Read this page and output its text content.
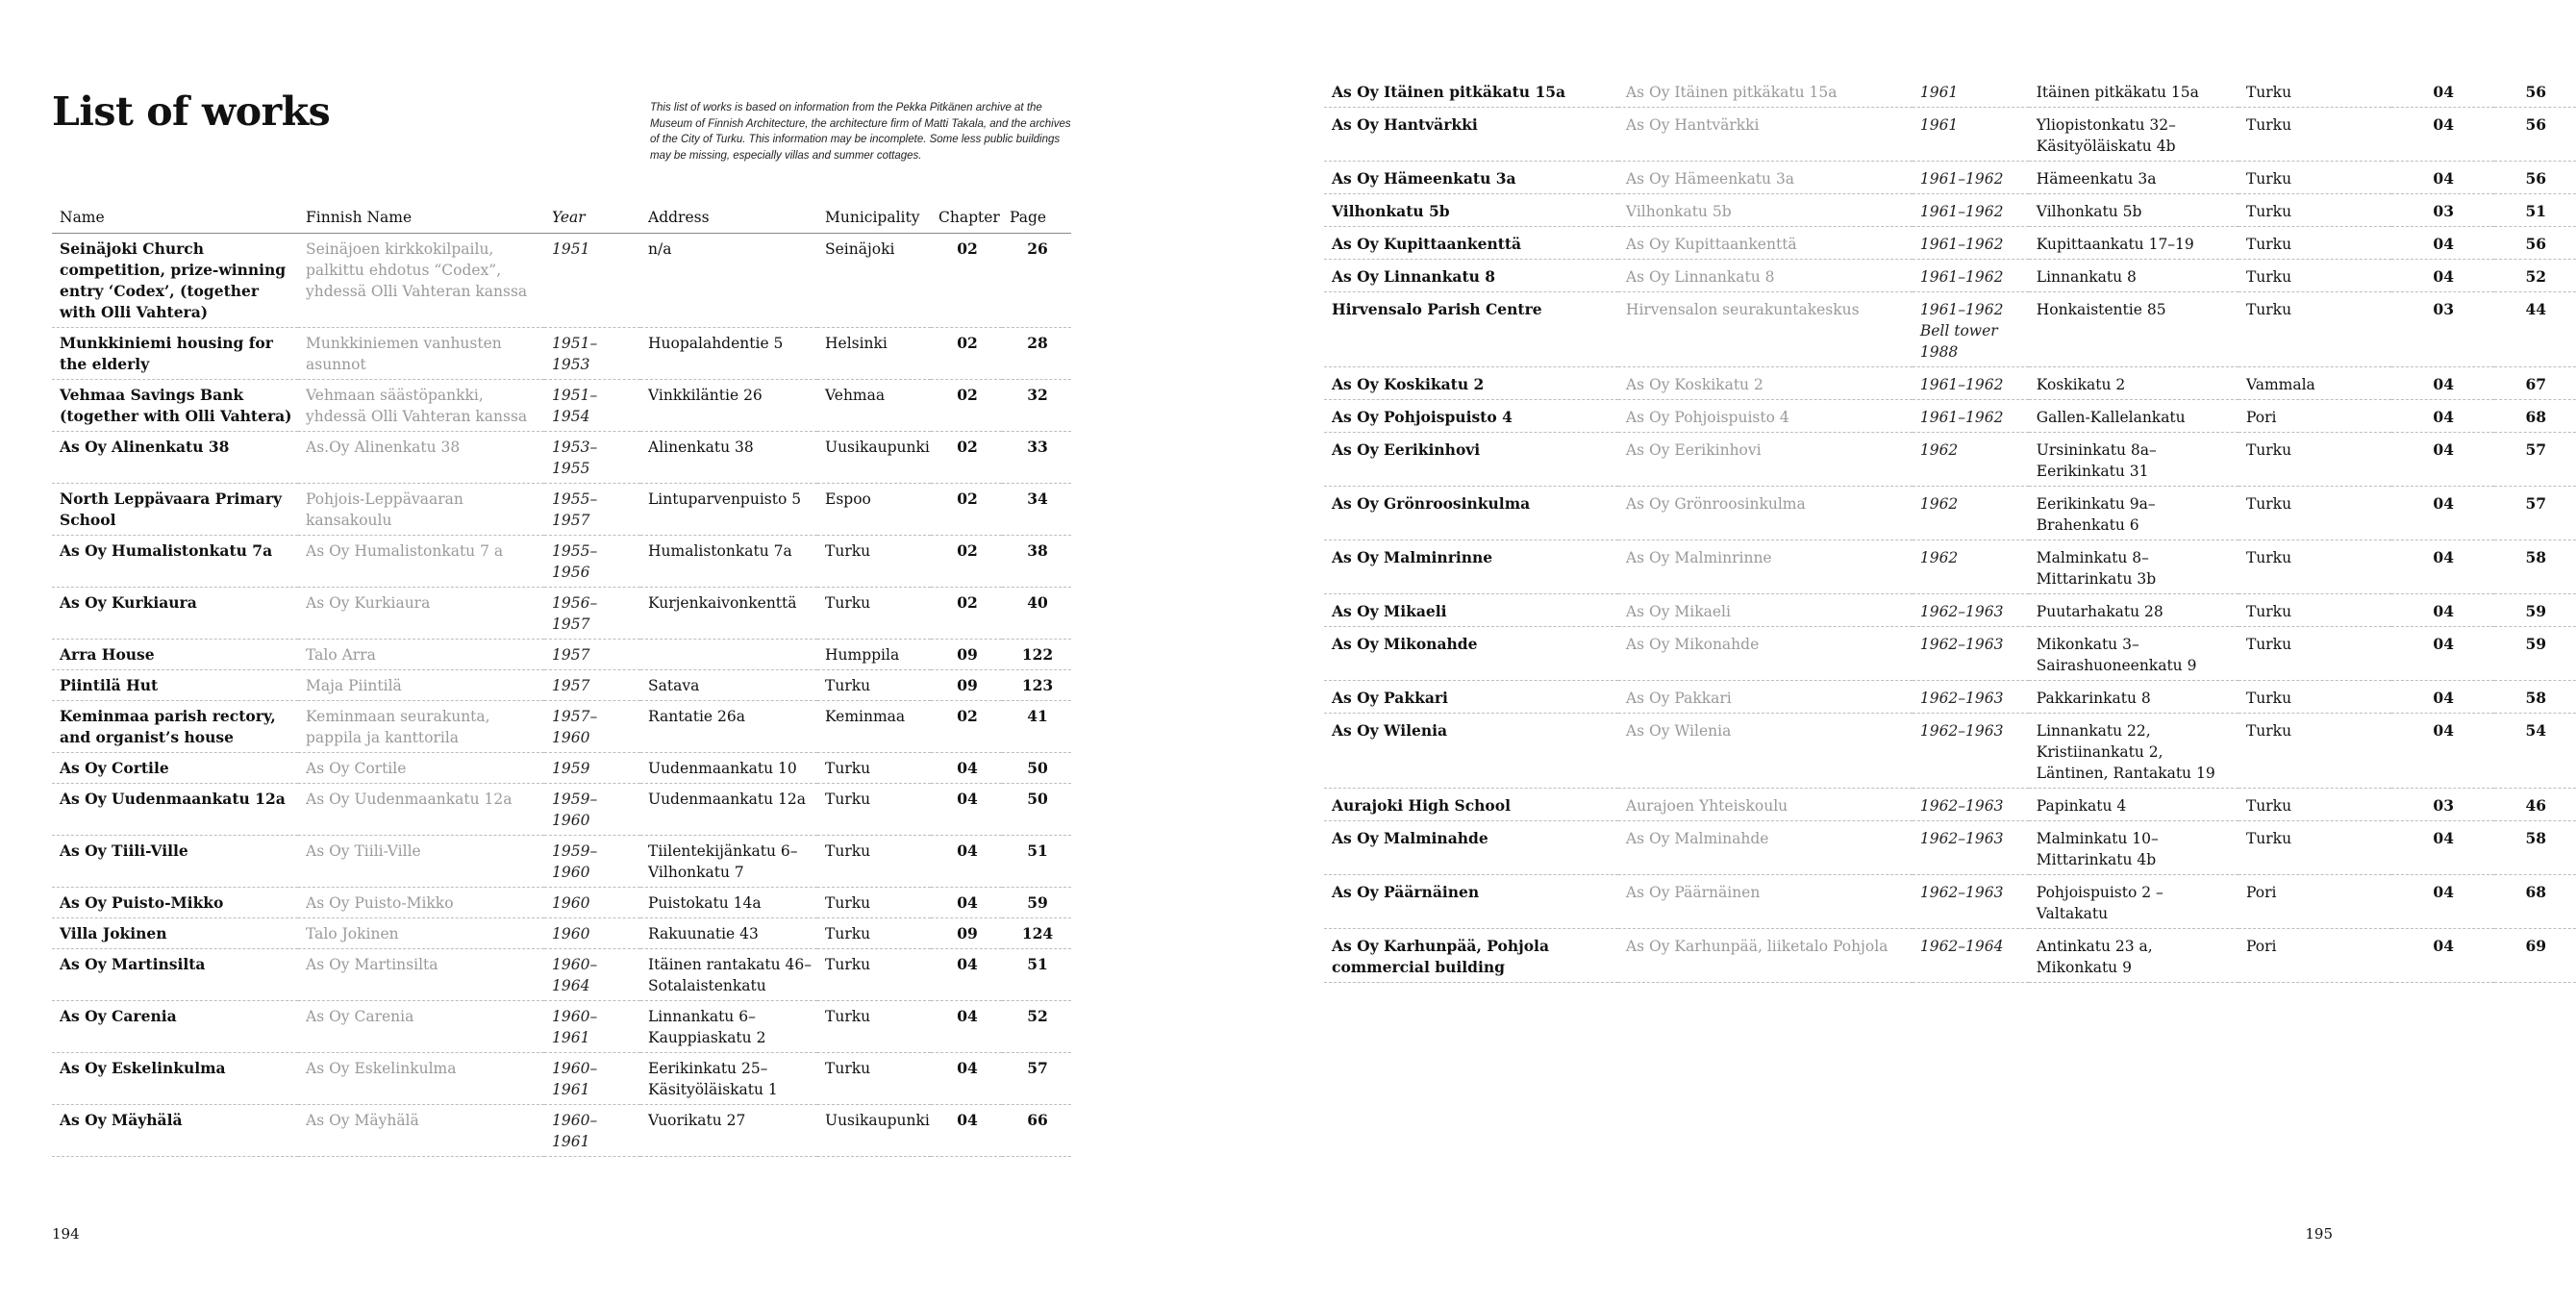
List of works	This list of works is based on information from the Pekka Pitkänen archive at the Museum of Finnish Architecture, the architecture firm of Matti Takala, and the archives of the City of Turku. This information may be incomplete. Some less public buildings may be missing, especially villas and summer cottages.
Name	Finnish Name	Year	Address	Municipality	Chapter	Page
Seinäjoki Church competition, prize-winning entry ‘Codex’, (together with Olli Vahtera)	Seinäjoen kirkkokilpailu, palkittu ehdotus “Codex”, yhdessä Olli Vahteran kanssa	1951	n/a	Seinäjoki	02	26
Munkkiniemi housing for the elderly	Munkkiniemen vanhusten asunnot	1951–1953	Huopalahdentie 5	Helsinki	02	28
Vehmaa Savings Bank (together with Olli Vahtera)	Vehmaan säästöpankki, yhdessä Olli Vahteran kanssa	1951–1954	Vinkkiläntie 26	Vehmaa	02	32
As Oy Alinenkatu 38	As.Oy Alinenkatu 38	1953–1955	Alinenkatu 38	Uusikaupunki	02	33
North Leppävaara Primary School	Pohjois-Leppävaaran kansakoulu	1955–1957	Lintuparvenpuisto 5	Espoo	02	34
As Oy Humalistonkatu 7a	As Oy Humalistonkatu 7 a	1955–1956	Humalistonkatu 7a	Turku	02	38
As Oy Kurkiaura	As Oy Kurkiaura	1956–1957	Kurjenkaivonkenttä	Turku	02	40
Arra House	Talo Arra	1957		Humppila	09	122
Piintilä Hut	Maja Piintilä	1957	Satava	Turku	09	123
Keminmaa parish rectory, and organist’s house	Keminmaan seurakunta, pappila ja kanttorila	1957–1960	Rantatie 26a	Keminmaa	02	41
As Oy Cortile	As Oy Cortile	1959	Uudenmaankatu 10	Turku	04	50
As Oy Uudenmaankatu 12a	As Oy Uudenmaankatu 12a	1959–1960	Uudenmaankatu 12a	Turku	04	50
As Oy Tiili-Ville	As Oy Tiili-Ville	1959–1960	Tiilentekijänkatu 6–Vilhonkatu 7	Turku	04	51
As Oy Puisto-Mikko	As Oy Puisto-Mikko	1960	Puistokatu 14a	Turku	04	59
Villa Jokinen	Talo Jokinen	1960	Rakuunatie 43	Turku	09	124
As Oy Martinsilta	As Oy Martinsilta	1960–1964	Itäinen rantakatu 46–Sotalaistenkatu	Turku	04	51
As Oy Carenia	As Oy Carenia	1960–1961	Linnankatu 6–Kauppiaskatu 2	Turku	04	52
As Oy Eskelinkulma	As Oy Eskelinkulma	1960–1961	Eerikinkatu 25–Käsityöläiskatu 1	Turku	04	57
As Oy Mäyhälä	As Oy Mäyhälä	1960–1961	Vuorikatu 27	Uusikaupunki	04	66
194
As Oy Itäinen pitkäkatu 15a	As Oy Itäinen pitkäkatu 15a	1961	Itäinen pitkäkatu 15a	Turku	04	56
As Oy Hantvärkki	As Oy Hantvärkki	1961	Yliopistonkatu 32–Käsityöläiskatu 4b	Turku	04	56
As Oy Hämeenkatu 3a	As Oy Hämeenkatu 3a	1961–1962	Hämeenkatu 3a	Turku	04	56
Vilhonkatu 5b	Vilhonkatu 5b	1961–1962	Vilhonkatu 5b	Turku	03	51
As Oy Kupittaankenttä	As Oy Kupittaankenttä	1961–1962	Kupittaankatu 17–19	Turku	04	56
As Oy Linnankatu 8	As Oy Linnankatu 8	1961–1962	Linnankatu 8	Turku	04	52
Hirvensalo Parish Centre	Hirvensalon seurakuntakeskus	1961–1962 Bell tower 1988	Honkaistentie 85	Turku	03	44
As Oy Koskikatu 2	As Oy Koskikatu 2	1961–1962	Koskikatu 2	Vammala	04	67
As Oy Pohjoispuisto 4	As Oy Pohjoispuisto 4	1961–1962	Gallen-Kallelankatu	Pori	04	68
As Oy Eerikinhovi	As Oy Eerikinhovi	1962	Ursininkatu 8a–Eerikinkatu 31	Turku	04	57
As Oy Grönroosinkulma	As Oy Grönroosinkulma	1962	Eerikinkatu 9a–Brahenkatu 6	Turku	04	57
As Oy Malminrinne	As Oy Malminrinne	1962	Malminkatu 8–Mittarinkatu 3b	Turku	04	58
As Oy Mikaeli	As Oy Mikaeli	1962–1963	Puutarhakatu 28	Turku	04	59
As Oy Mikonahde	As Oy Mikonahde	1962–1963	Mikonkatu 3–Sairashuoneenkatu 9	Turku	04	59
As Oy Pakkari	As Oy Pakkari	1962–1963	Pakkarinkatu 8	Turku	04	58
As Oy Wilenia	As Oy Wilenia	1962–1963	Linnankatu 22, Kristiinankatu 2, Läntinen, Rantakatu 19	Turku	04	54
Aurajoki High School	Aurajoen Yhteiskoulu	1962–1963	Papinkatu 4	Turku	03	46
As Oy Malminahde	As Oy Malminahde	1962–1963	Malminkatu 10–Mittarinkatu 4b	Turku	04	58
As Oy Päärnäinen	As Oy Päärnäinen	1962–1963	Pohjoispuisto 2 –Valtakatu	Pori	04	68
As Oy Karhunpää, Pohjola commercial building	As Oy Karhunpää, liiketalo Pohjola	1962–1964	Antinkatu 23 a, Mikonkatu 9	Pori	04	69
195
